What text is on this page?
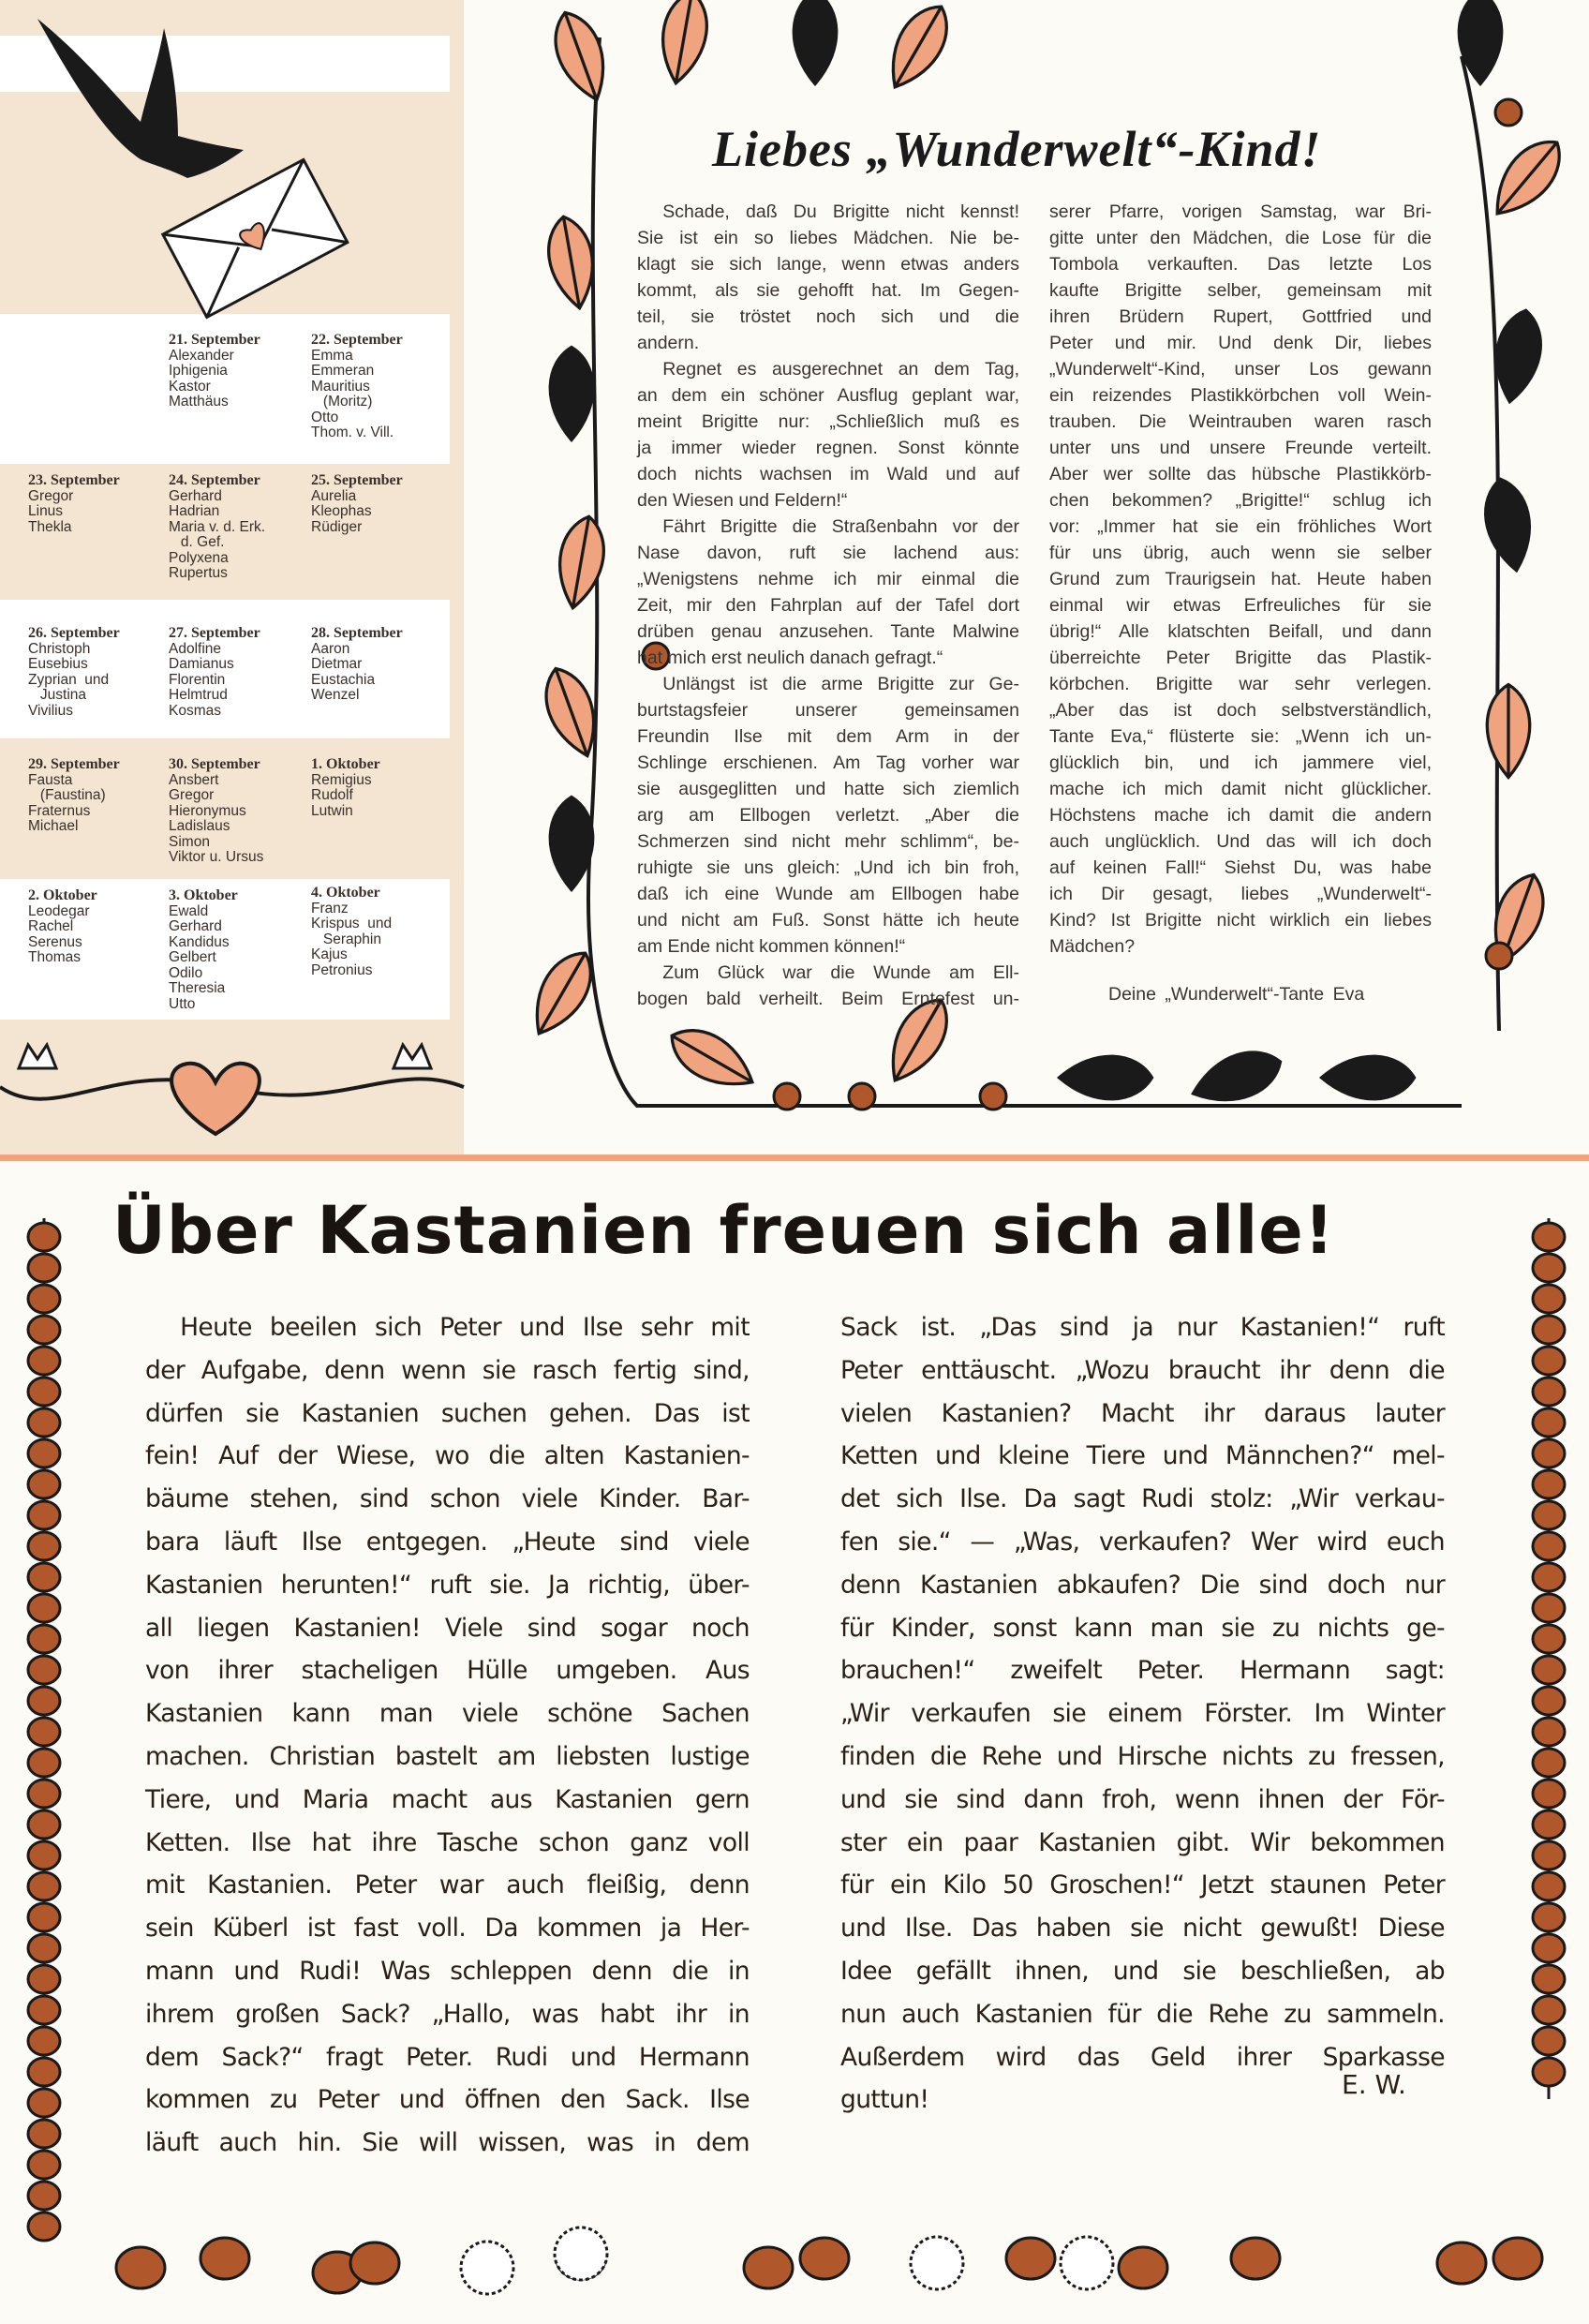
21. September
Alexander
Iphigenia
Kastor
Matthäus
22. September
Emma
Emmeran
Mauritius
(Moritz)
Otto
Thom. v. Vill.
23. September
Gregor
Linus
Thekla
24. September
Gerhard
Hadrian
Maria v. d. Erk.
d. Gef.
Polyxena
Rupertus
25. September
Aurelia
Kleophas
Rüdiger
26. September
Christoph
Eusebius
Zyprian  und
Justina
Vivilius
27. September
Adolfine
Damianus
Florentin
Helmtrud
Kosmas
28. September
Aaron
Dietmar
Eustachia
Wenzel
29. September
Fausta
(Faustina)
Fraternus
Michael
30. September
Ansbert
Gregor
Hieronymus
Ladislaus
Simon
Viktor u. Ursus
1. Oktober
Remigius
Rudolf
Lutwin
2. Oktober
Leodegar
Rachel
Serenus
Thomas
3. Oktober
Ewald
Gerhard
Kandidus
Gelbert
Odilo
Theresia
Utto
4. Oktober
Franz
Krispus  und
Seraphin
Kajus
Petronius
Liebes „Wunderwelt“-Kind!
Schade, daß Du Brigitte nicht kennst!
Sie ist ein so liebes Mädchen. Nie be-
klagt sie sich lange, wenn etwas anders
kommt, als sie gehofft hat. Im Gegen-
teil, sie tröstet noch sich und die
andern.
Regnet es ausgerechnet an dem Tag,
an dem ein schöner Ausflug geplant war,
meint Brigitte nur: „Schließlich muß es
ja immer wieder regnen. Sonst könnte
doch nichts wachsen im Wald und auf
den Wiesen und Feldern!“
Fährt Brigitte die Straßenbahn vor der
Nase davon, ruft sie lachend aus:
„Wenigstens nehme ich mir einmal die
Zeit, mir den Fahrplan auf der Tafel dort
drüben genau anzusehen. Tante Malwine
hat mich erst neulich danach gefragt.“
Unlängst ist die arme Brigitte zur Ge-
burtstagsfeier unserer gemeinsamen
Freundin Ilse mit dem Arm in der
Schlinge erschienen. Am Tag vorher war
sie ausgeglitten und hatte sich ziemlich
arg am Ellbogen verletzt. „Aber die
Schmerzen sind nicht mehr schlimm“, be-
ruhigte sie uns gleich: „Und ich bin froh,
daß ich eine Wunde am Ellbogen habe
und nicht am Fuß. Sonst hätte ich heute
am Ende nicht kommen können!“
Zum Glück war die Wunde am Ell-
bogen bald verheilt. Beim Erntefest un-
serer Pfarre, vorigen Samstag, war Bri-
gitte unter den Mädchen, die Lose für die
Tombola verkauften. Das letzte Los
kaufte Brigitte selber, gemeinsam mit
ihren Brüdern Rupert, Gottfried und
Peter und mir. Und denk Dir, liebes
„Wunderwelt“-Kind, unser Los gewann
ein reizendes Plastikkörbchen voll Wein-
trauben. Die Weintrauben waren rasch
unter uns und unsere Freunde verteilt.
Aber wer sollte das hübsche Plastikkörb-
chen bekommen? „Brigitte!“ schlug ich
vor: „Immer hat sie ein fröhliches Wort
für uns übrig, auch wenn sie selber
Grund zum Traurigsein hat. Heute haben
einmal wir etwas Erfreuliches für sie
übrig!“ Alle klatschten Beifall, und dann
überreichte Peter Brigitte das Plastik-
körbchen. Brigitte war sehr verlegen.
„Aber das ist doch selbstverständlich,
Tante Eva,“ flüsterte sie: „Wenn ich un-
glücklich bin, und ich jammere viel,
mache ich mich damit nicht glücklicher.
Höchstens mache ich damit die andern
auch unglücklich. Und das will ich doch
auf keinen Fall!“ Siehst Du, was habe
ich Dir gesagt, liebes „Wunderwelt“-
Kind? Ist Brigitte nicht wirklich ein liebes
Mädchen?
Deine „Wunderwelt“-Tante Eva
Über Kastanien freuen sich alle!
Heute beeilen sich Peter und Ilse sehr mit
der Aufgabe, denn wenn sie rasch fertig sind,
dürfen sie Kastanien suchen gehen. Das ist
fein! Auf der Wiese, wo die alten Kastanien-
bäume stehen, sind schon viele Kinder. Bar-
bara läuft Ilse entgegen. „Heute sind viele
Kastanien herunten!“ ruft sie. Ja richtig, über-
all liegen Kastanien! Viele sind sogar noch
von ihrer stacheligen Hülle umgeben. Aus
Kastanien kann man viele schöne Sachen
machen. Christian bastelt am liebsten lustige
Tiere, und Maria macht aus Kastanien gern
Ketten. Ilse hat ihre Tasche schon ganz voll
mit Kastanien. Peter war auch fleißig, denn
sein Küberl ist fast voll. Da kommen ja Her-
mann und Rudi! Was schleppen denn die in
ihrem großen Sack? „Hallo, was habt ihr in
dem Sack?“ fragt Peter. Rudi und Hermann
kommen zu Peter und öffnen den Sack. Ilse
läuft auch hin. Sie will wissen, was in dem
Sack ist. „Das sind ja nur Kastanien!“ ruft
Peter enttäuscht. „Wozu braucht ihr denn die
vielen Kastanien? Macht ihr daraus lauter
Ketten und kleine Tiere und Männchen?“ mel-
det sich Ilse. Da sagt Rudi stolz: „Wir verkau-
fen sie.“ — „Was, verkaufen? Wer wird euch
denn Kastanien abkaufen? Die sind doch nur
für Kinder, sonst kann man sie zu nichts ge-
brauchen!“ zweifelt Peter. Hermann sagt:
„Wir verkaufen sie einem Förster. Im Winter
finden die Rehe und Hirsche nichts zu fressen,
und sie sind dann froh, wenn ihnen der För-
ster ein paar Kastanien gibt. Wir bekommen
für ein Kilo 50 Groschen!“ Jetzt staunen Peter
und Ilse. Das haben sie nicht gewußt! Diese
Idee gefällt ihnen, und sie beschließen, ab
nun auch Kastanien für die Rehe zu sammeln.
Außerdem wird das Geld ihrer Sparkasse
guttun!	E. W.
